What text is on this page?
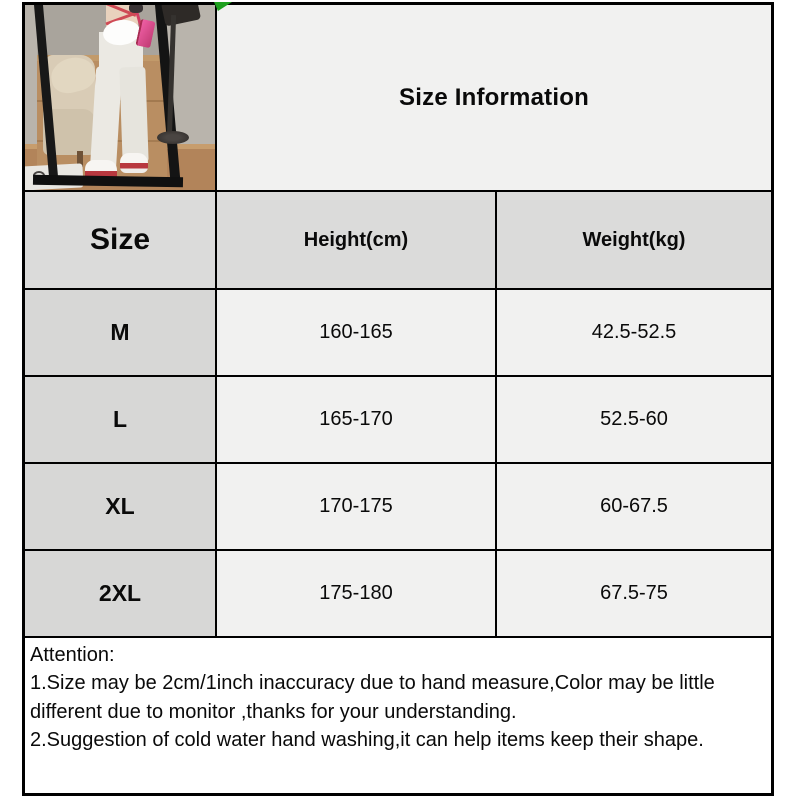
Size Information
Size	Height(cm)	Weight(kg)
M	160-165	42.5-52.5
L	165-170	52.5-60
XL	170-175	60-67.5
2XL	175-180	67.5-75

Attention:

1.Size may be 2cm/1inch inaccuracy due to hand measure,Color may be little different due to monitor ,thanks for your understanding.

2.Suggestion of cold water hand washing,it can help items keep their shape.
